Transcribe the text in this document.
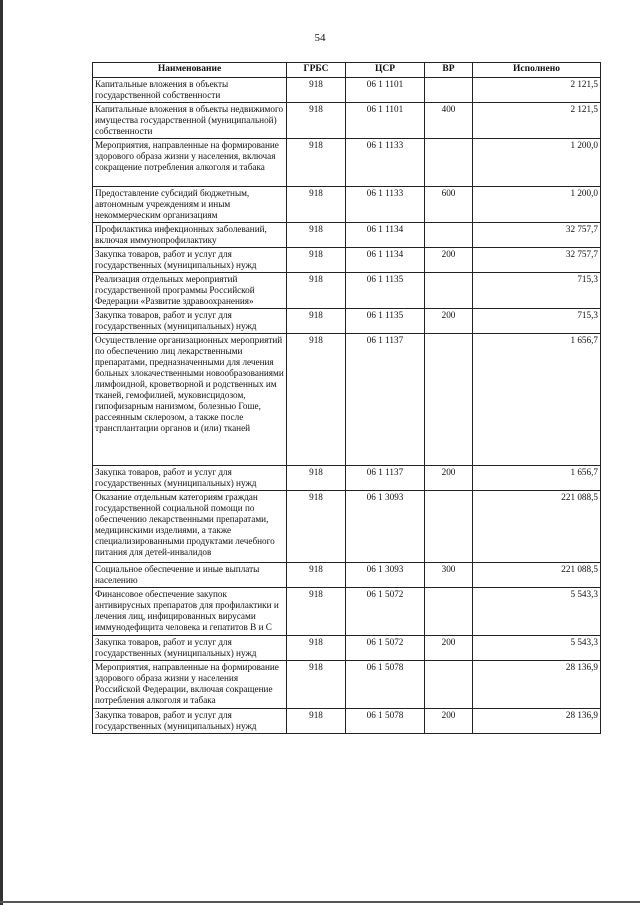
54
Наименование	ГРБС	ЦСР	ВР	Исполнено
Капитальные вложения в объекты государственной собственности	918	06 1 1101		2 121,5
Капитальные вложения в объекты недвижимого имущества государственной (муниципальной) собственности	918	06 1 1101	400	2 121,5
Мероприятия, направленные на формирование здорового образа жизни у населения, включая сокращение потребления алкоголя и табака	918	06 1 1133		1 200,0
Предоставление субсидий бюджетным, автономным учреждениям и иным некоммерческим организациям	918	06 1 1133	600	1 200,0
Профилактика инфекционных заболеваний, включая иммунопрофилактику	918	06 1 1134		32 757,7
Закупка товаров, работ и услуг для государственных (муниципальных) нужд	918	06 1 1134	200	32 757,7
Реализация отдельных мероприятий государственной программы Российской Федерации «Развитие здравоохранения»	918	06 1 1135		715,3
Закупка товаров, работ и услуг для государственных (муниципальных) нужд	918	06 1 1135	200	715,3
Осуществление организационных мероприятий по обеспечению лиц лекарственными препаратами, предназначенными для лечения больных злокачественными новообразованиями лимфоидной, кроветворной и родственных им тканей, гемофилией, муковисцидозом, гипофизарным нанизмом, болезнью Гоше, рассеянным склерозом, а также после трансплантации органов и (или) тканей	918	06 1 1137		1 656,7
Закупка товаров, работ и услуг для государственных (муниципальных) нужд	918	06 1 1137	200	1 656,7
Оказание отдельным категориям граждан государственной социальной помощи по обеспечению лекарственными препаратами, медицинскими изделиями, а также специализированными продуктами лечебного питания для детей-инвалидов	918	06 1 3093		221 088,5
Социальное обеспечение и иные выплаты населению	918	06 1 3093	300	221 088,5
Финансовое обеспечение закупок антивирусных препаратов для профилактики и лечения лиц, инфицированных вирусами иммунодефицита человека и гепатитов В и С	918	06 1 5072		5 543,3
Закупка товаров, работ и услуг для государственных (муниципальных) нужд	918	06 1 5072	200	5 543,3
Мероприятия, направленные на формирование здорового образа жизни у населения Российской Федерации, включая сокращение потребления алкоголя и табака	918	06 1 5078		28 136,9
Закупка товаров, работ и услуг для государственных (муниципальных) нужд	918	06 1 5078	200	28 136,9
